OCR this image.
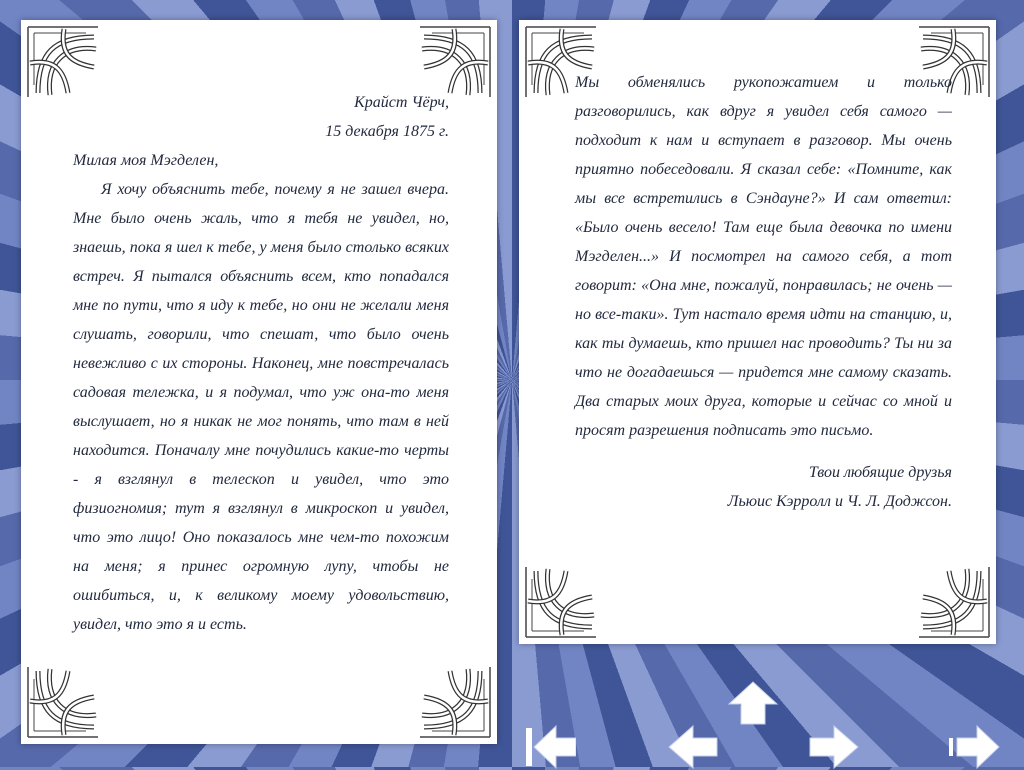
Крайст Чёрч,
15 декабря 1875 г.
Милая моя Мэгделен,

Я хочу объяснить тебе, почему я не зашел вчера. Мне было очень жаль, что я тебя не увидел, но, знаешь, пока я шел к тебе, у меня было столько всяких встреч. Я пытался объяснить всем, кто попадался мне по пути, что я иду к тебе, но они не желали меня слушать, говорили, что спешат, что было очень невежливо с их стороны. Наконец, мне повстречалась садовая тележка, и я подумал, что уж она-то меня выслушает, но я никак не мог понять, что там в ней находится. Поначалу мне почудились какие-то черты - я взглянул в телескоп и увидел, что это физиогномия; тут я взглянул в микроскоп и увидел, что это лицо! Оно показалось мне чем-то похожим на меня; я принес огромную лупу, чтобы не ошибиться, и, к великому моему удовольствию, увидел, что это я и есть.

Мы обменялись рукопожатием и только разговорились, как вдруг я увидел себя самого — подходит к нам и вступает в разговор. Мы очень приятно побеседовали. Я сказал себе: «Помните, как мы все встретились в Сэндауне?» И сам ответил: «Было очень весело! Там еще была девочка по имени Мэгделен...» И посмотрел на самого себя, а тот говорит: «Она мне, пожалуй, понравилась; не очень — но все-таки». Тут настало время идти на станцию, и, как ты думаешь, кто пришел нас проводить? Ты ни за что не догадаешься — придется мне самому сказать. Два старых моих друга, которые и сейчас со мной и просят разрешения подписать это письмо.

Твои любящие друзья
Льюис Кэрролл и Ч. Л. Доджсон.
